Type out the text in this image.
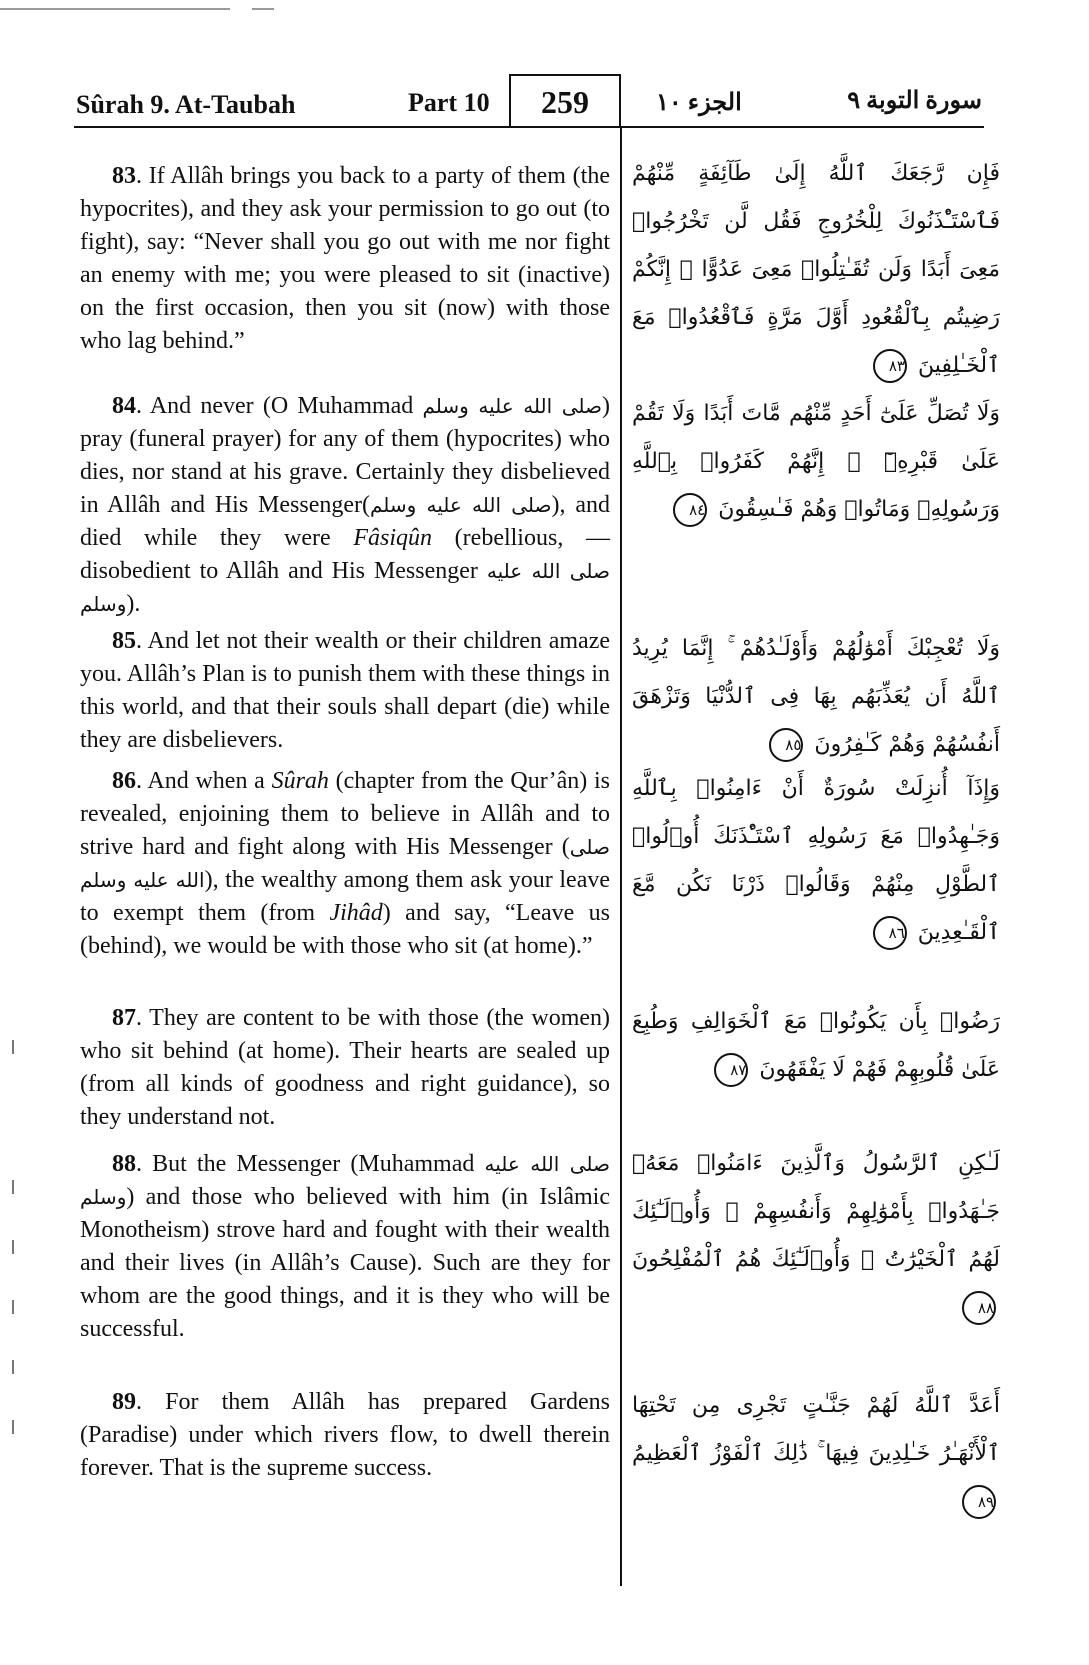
Sûrah 9. At-Taubah	Part 10	259	الجزء ١٠	سورة التوبة ٩

83. If Allâh brings you back to a party of them (the hypocrites), and they ask your permission to go out (to fight), say: “Never shall you go out with me nor fight an enemy with me; you were pleased to sit (inactive) on the first occasion, then you sit (now) with those who lag behind.”

84. And never (O Muhammad صلى الله عليه وسلم) pray (funeral prayer) for any of them (hypocrites) who dies, nor stand at his grave. Certainly they disbelieved in Allâh and His Messenger(صلى الله عليه وسلم), and died while they were Fâsiqûn (rebellious, — disobedient to Allâh and His Messenger صلى الله عليه وسلم).

85. And let not their wealth or their children amaze you. Allâh’s Plan is to punish them with these things in this world, and that their souls shall depart (die) while they are disbelievers.

86. And when a Sûrah (chapter from the Qur’ân) is revealed, enjoining them to believe in Allâh and to strive hard and fight along with His Messenger (صلى الله عليه وسلم), the wealthy among them ask your leave to exempt them (from Jihâd) and say, “Leave us (behind), we would be with those who sit (at home).”

87. They are content to be with those (the women) who sit behind (at home). Their hearts are sealed up (from all kinds of goodness and right guidance), so they understand not.

88. But the Messenger (Muhammad صلى الله عليه وسلم) and those who believed with him (in Islâmic Monotheism) strove hard and fought with their wealth and their lives (in Allâh’s Cause). Such are they for whom are the good things, and it is they who will be successful.

89. For them Allâh has prepared Gardens (Paradise) under which rivers flow, to dwell therein forever. That is the supreme success.

فَإِن رَّجَعَكَ ٱللَّهُ إِلَىٰ طَآئِفَةٍ مِّنْهُمْ فَٱسْتَـْٔذَنُوكَ لِلْخُرُوجِ فَقُل لَّن تَخْرُجُوا۟ مَعِىَ أَبَدًا وَلَن تُقَـٰتِلُوا۟ مَعِىَ عَدُوًّا ۖ إِنَّكُمْ رَضِيتُم بِٱلْقُعُودِ أَوَّلَ مَرَّةٍ فَٱقْعُدُوا۟ مَعَ ٱلْخَـٰلِفِينَ ٨٣

وَلَا تُصَلِّ عَلَىٰٓ أَحَدٍ مِّنْهُم مَّاتَ أَبَدًا وَلَا تَقُمْ عَلَىٰ قَبْرِهِۦٓ ۖ إِنَّهُمْ كَفَرُوا۟ بِٱللَّهِ وَرَسُولِهِۦ وَمَاتُوا۟ وَهُمْ فَـٰسِقُونَ ٨٤

وَلَا تُعْجِبْكَ أَمْوَٰلُهُمْ وَأَوْلَـٰدُهُمْ ۚ إِنَّمَا يُرِيدُ ٱللَّهُ أَن يُعَذِّبَهُم بِهَا فِى ٱلدُّنْيَا وَتَزْهَقَ أَنفُسُهُمْ وَهُمْ كَـٰفِرُونَ ٨٥

وَإِذَآ أُنزِلَتْ سُورَةٌ أَنْ ءَامِنُوا۟ بِٱللَّهِ وَجَـٰهِدُوا۟ مَعَ رَسُولِهِ ٱسْتَـْٔذَنَكَ أُو۟لُوا۟ ٱلطَّوْلِ مِنْهُمْ وَقَالُوا۟ ذَرْنَا نَكُن مَّعَ ٱلْقَـٰعِدِينَ ٨٦

رَضُوا۟ بِأَن يَكُونُوا۟ مَعَ ٱلْخَوَالِفِ وَطُبِعَ عَلَىٰ قُلُوبِهِمْ فَهُمْ لَا يَفْقَهُونَ ٨٧

لَـٰكِنِ ٱلرَّسُولُ وَٱلَّذِينَ ءَامَنُوا۟ مَعَهُۥ جَـٰهَدُوا۟ بِأَمْوَٰلِهِمْ وَأَنفُسِهِمْ ۚ وَأُو۟لَـٰٓئِكَ لَهُمُ ٱلْخَيْرَٰتُ ۖ وَأُو۟لَـٰٓئِكَ هُمُ ٱلْمُفْلِحُونَ ٨٨

أَعَدَّ ٱللَّهُ لَهُمْ جَنَّـٰتٍ تَجْرِى مِن تَحْتِهَا ٱلْأَنْهَـٰرُ خَـٰلِدِينَ فِيهَا ۚ ذَٰلِكَ ٱلْفَوْزُ ٱلْعَظِيمُ ٨٩
